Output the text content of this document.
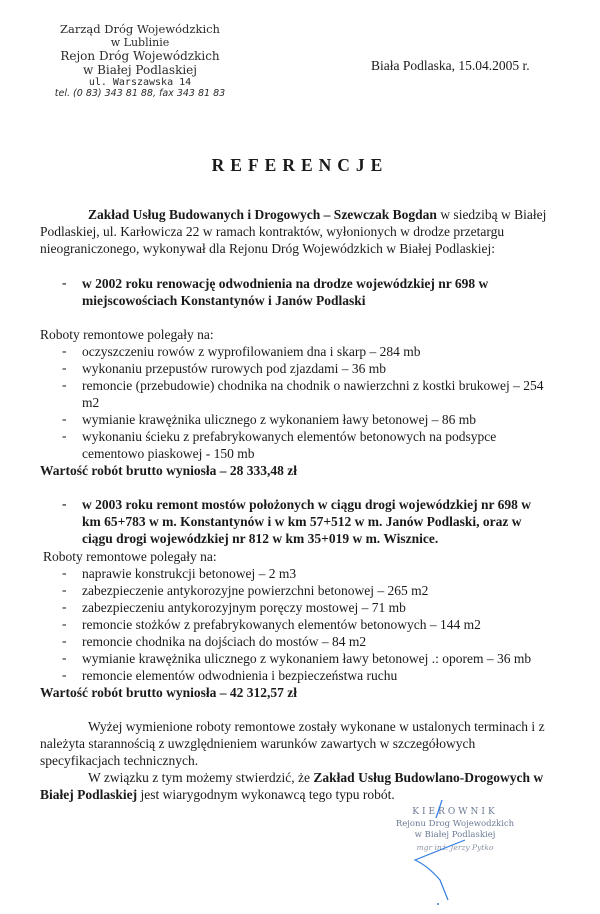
Zarząd Dróg Wojewódzkich
w Lublinie
Rejon Dróg Wojewódzkich
w Białej Podlaskiej
ul. Warszawska 14
tel. (0 83) 343 81 88, fax 343 81 83
Biała Podlaska, 15.04.2005 r.
REFERENCJE
Zakład Usług Budowanych i Drogowych – Szewczak Bogdan w siedzibą w Białej
Podlaskiej, ul. Karłowicza 22 w ramach kontraktów, wyłonionych w drodze przetargu
nieograniczonego, wykonywał dla Rejonu Dróg Wojewódzkich w Białej Podlaskiej:
- w 2002 roku renowację odwodnienia na drodze wojewódzkiej nr 698 w
miejscowościach Konstantynów i Janów Podlaski
Roboty remontowe polegały na:
- oczyszczeniu rowów z wyprofilowaniem dna i skarp – 284 mb
- wykonaniu przepustów rurowych pod zjazdami – 36 mb
- remoncie (przebudowie) chodnika na chodnik o nawierzchni z kostki brukowej – 254
m2
- wymianie krawężnika ulicznego z wykonaniem ławy betonowej – 86 mb
- wykonaniu ścieku z prefabrykowanych elementów betonowych na podsypce
cementowo piaskowej - 150 mb
Wartość robót brutto wyniosła – 28 333,48 zł
- w 2003 roku remont mostów położonych w ciągu drogi wojewódzkiej nr 698 w
km 65+783 w m. Konstantynów i w km 57+512 w m. Janów Podlaski, oraz w
ciągu drogi wojewódzkiej nr 812 w km 35+019 w m. Wisznice.
Roboty remontowe polegały na:
- naprawie konstrukcji betonowej – 2 m3
- zabezpieczenie antykorozyjne powierzchni betonowej – 265 m2
- zabezpieczeniu antykorozyjnym poręczy mostowej – 71 mb
- remoncie stożków z prefabrykowanych elementów betonowych – 144 m2
- remoncie chodnika na dojściach do mostów – 84 m2
- wymianie krawężnika ulicznego z wykonaniem ławy betonowej .: oporem – 36 mb
- remoncie elementów odwodnienia i bezpieczeństwa ruchu
Wartość robót brutto wyniosła – 42 312,57 zł
Wyżej wymienione roboty remontowe zostały wykonane w ustalonych terminach i z
należyta starannością z uwzględnieniem warunków zawartych w szczegółowych
specyfikacjach technicznych.
W związku z tym możemy stwierdzić, że Zakład Usług Budowlano-Drogowych w
Białej Podlaskiej jest wiarygodnym wykonawcą tego typu robót.
KIEROWNIK
Rejonu Drog Wojewodzkich
w Białej Podlaskiej
mgr inż. Jerzy Pytko
